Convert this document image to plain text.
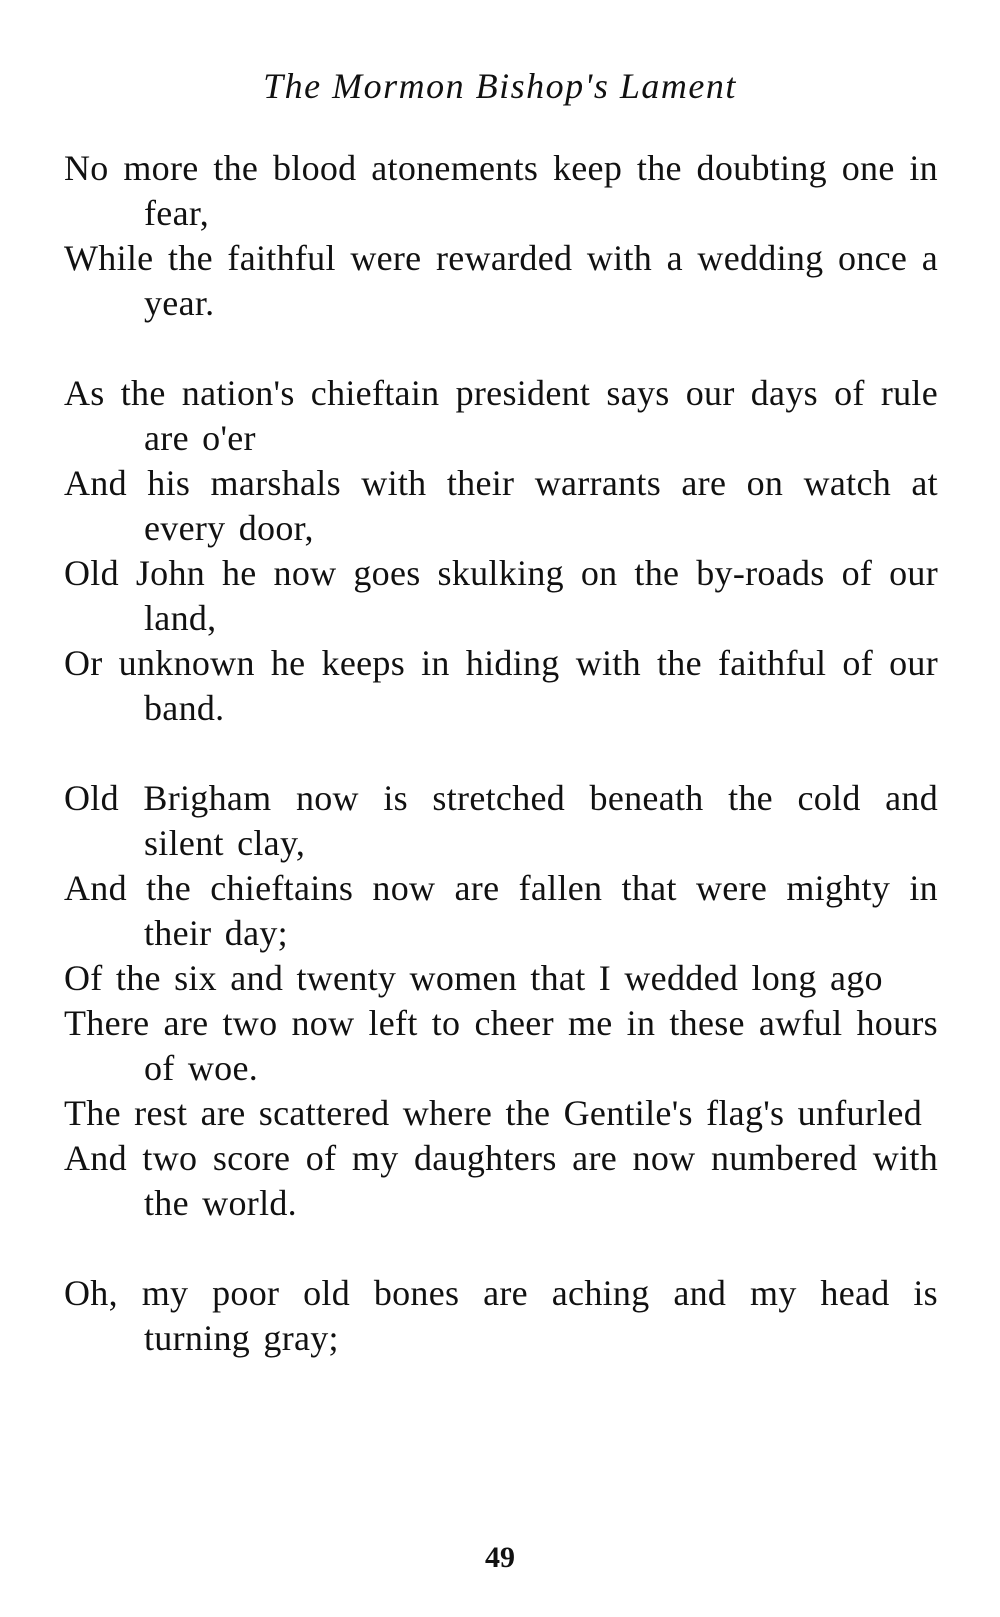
The Mormon Bishop's Lament

No more the blood atonements keep the doubting one in fear,

While the faithful were rewarded with a wedding once a year.

As the nation's chieftain president says our days of rule are o'er

And his marshals with their warrants are on watch at every door,

Old John he now goes skulking on the by-roads of our land,

Or unknown he keeps in hiding with the faithful of our band.

Old Brigham now is stretched beneath the cold and silent clay,

And the chieftains now are fallen that were mighty in their day;

Of the six and twenty women that I wedded long ago

There are two now left to cheer me in these awful hours of woe.

The rest are scattered where the Gentile's flag's unfurled

And two score of my daughters are now numbered with the world.

Oh, my poor old bones are aching and my head is turning gray;

49
